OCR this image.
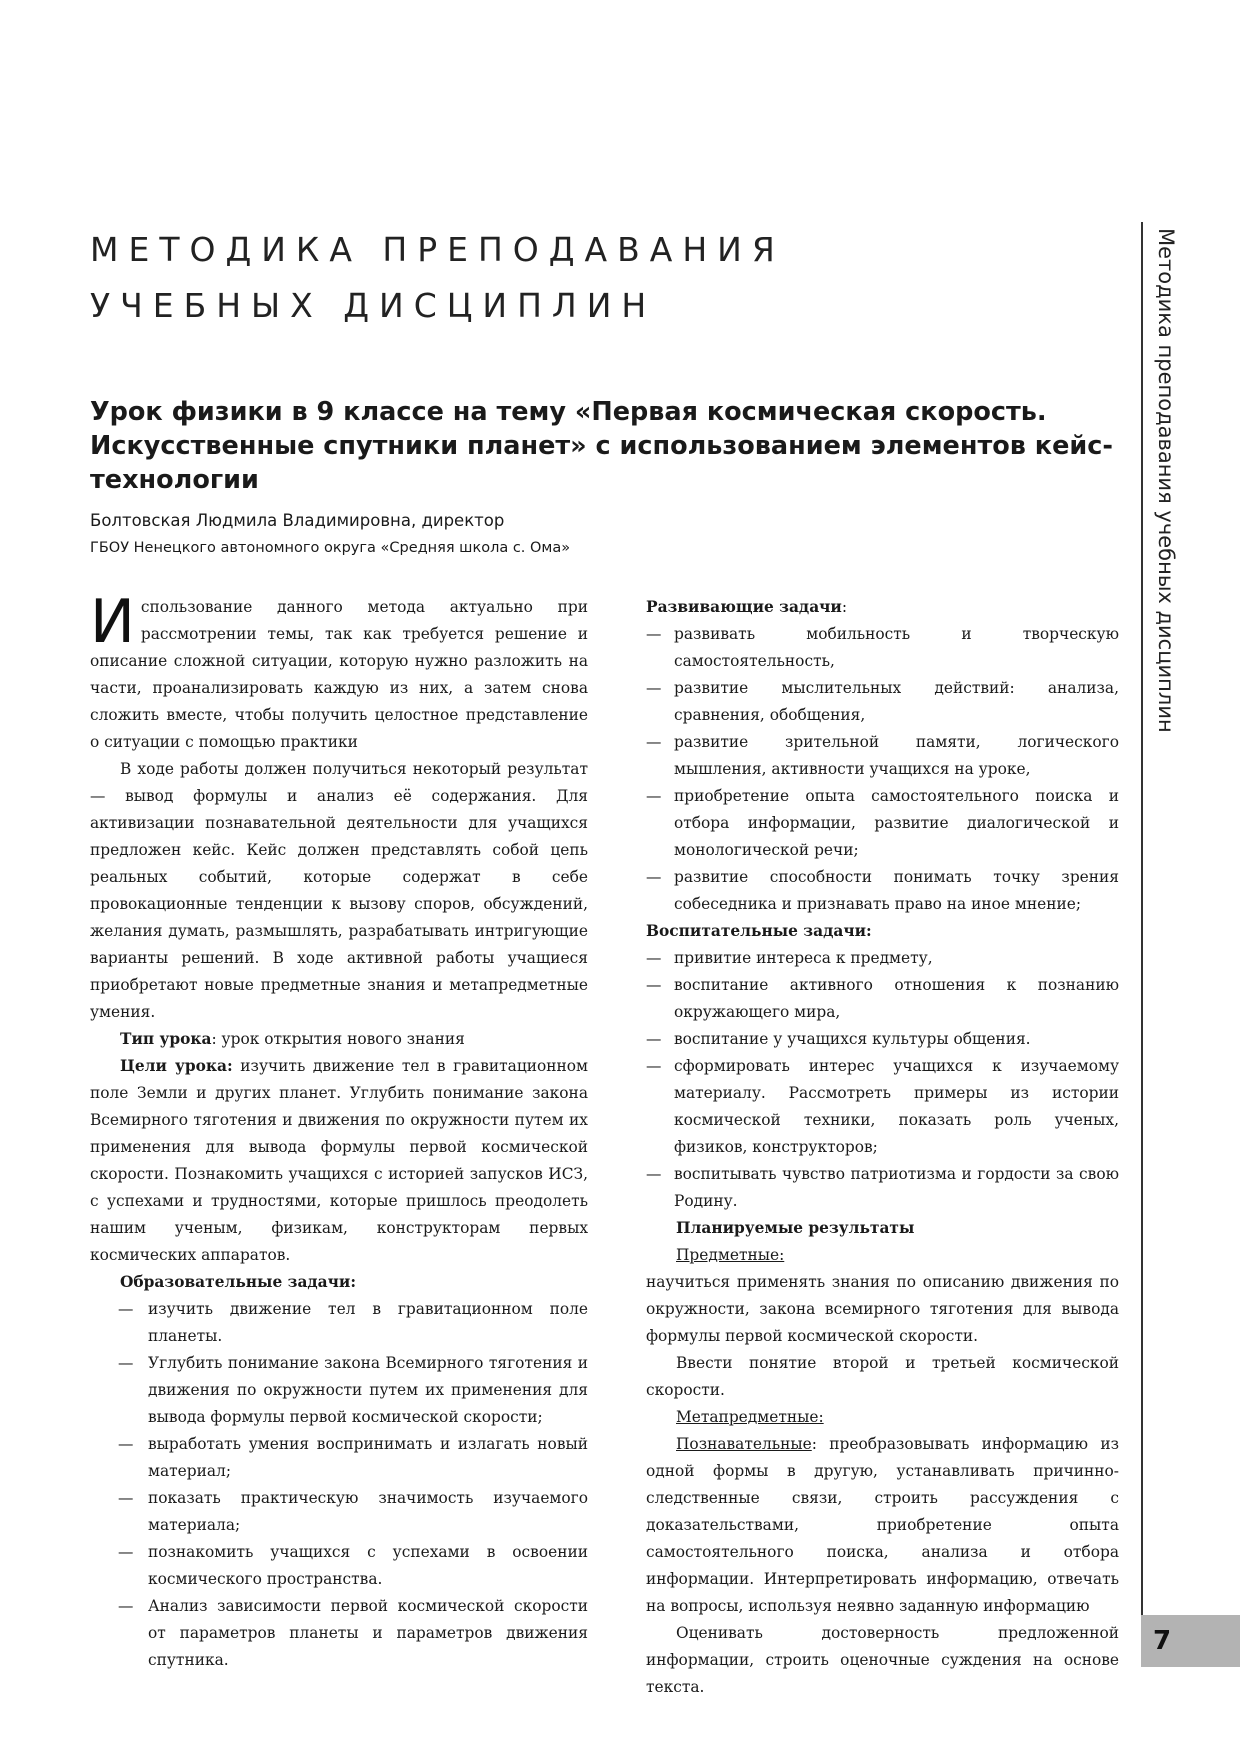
МЕТОДИКА ПРЕПОДАВАНИЯ УЧЕБНЫХ ДИСЦИПЛИН	Методика преподавания учебных дисциплин
7
Урок физики в 9 классе на тему «Первая космическая скорость. Искусственные спутники планет» с использованием элементов кейс-технологии

Болтовская Людмила Владимировна, директор

ГБОУ Ненецкого автономного округа «Средняя школа с. Ома»

Использование данного метода актуально при рассмотрении темы, так как требуется решение и описание сложной ситуации, которую нужно разложить на части, проанализировать каждую из них, а затем снова сложить вместе, чтобы получить целостное представление о ситуации с помощью практики

В ходе работы должен получиться некоторый результат — вывод формулы и анализ её содержания. Для активизации познавательной деятельности для учащихся предложен кейс. Кейс должен представлять собой цепь реальных событий, которые содержат в себе провокационные тенденции к вызову споров, обсуждений, желания думать, размышлять, разрабатывать интригующие варианты решений. В ходе активной работы учащиеся приобретают новые предметные знания и метапредметные умения.

Тип урока: урок открытия нового знания

Цели урока: изучить движение тел в гравитационном поле Земли и других планет. Углубить понимание закона Всемирного тяготения и движения по окружности путем их применения для вывода формулы первой космической скорости. Познакомить учащихся с историей запусков ИСЗ, с успехами и трудностями, которые пришлось преодолеть нашим ученым, физикам, конструкторам первых космических аппаратов.

Образовательные задачи:

— изучить движение тел в гравитационном поле планеты.
— Углубить понимание закона Всемирного тяготения и движения по окружности путем их применения для вывода формулы первой космической скорости;
— выработать умения воспринимать и излагать новый материал;
— показать практическую значимость изучаемого материала;
— познакомить учащихся с успехами в освоении космического пространства.
— Анализ зависимости первой космической скорости от параметров планеты и параметров движения спутника.

Развивающие задачи:

— развивать мобильность и творческую самостоятельность,
— развитие мыслительных действий: анализа, сравнения, обобщения,
— развитие зрительной памяти, логического мышления, активности учащихся на уроке,
— приобретение опыта самостоятельного поиска и отбора информации, развитие диалогической и монологической речи;
— развитие способности понимать точку зрения собеседника и признавать право на иное мнение;

Воспитательные задачи:

— привитие интереса к предмету,
— воспитание активного отношения к познанию окружающего мира,
— воспитание у учащихся культуры общения.
— сформировать интерес учащихся к изучаемому материалу. Рассмотреть примеры из истории космической техники, показать роль ученых, физиков, конструкторов;
— воспитывать чувство патриотизма и гордости за свою Родину.

Планируемые результаты

Предметные:

научиться применять знания по описанию движения по окружности, закона всемирного тяготения для вывода формулы первой космической скорости.

Ввести понятие второй и третьей космической скорости.

Метапредметные:

Познавательные: преобразовывать информацию из одной формы в другую, устанавливать причинно-следственные связи, строить рассуждения с доказательствами, приобретение опыта самостоятельного поиска, анализа и отбора информации. Интерпретировать информацию, отвечать на вопросы, используя неявно заданную информацию

Оценивать достоверность предложенной информации, строить оценочные суждения на основе текста.
